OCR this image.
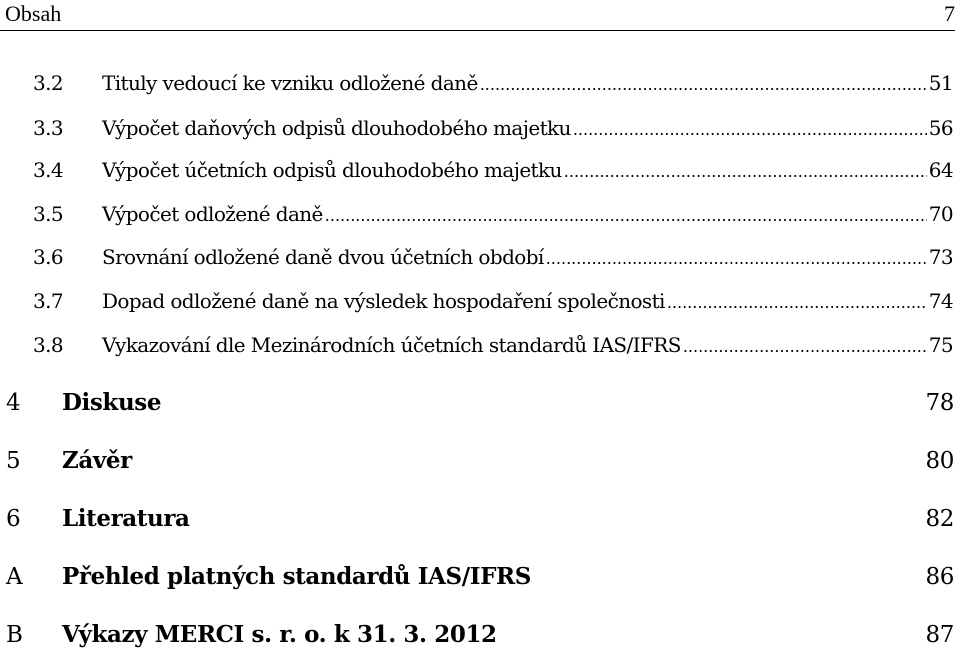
Obsah	7
3.2	Tituly vedoucí ke vzniku odložené daně .....	51
3.3	Výpočet daňových odpisů dlouhodobého majetku .....	56
3.4	Výpočet účetních odpisů dlouhodobého majetku .....	64
3.5	Výpočet odložené daně .....	70
3.6	Srovnání odložené daně dvou účetních období .....	73
3.7	Dopad odložené daně na výsledek hospodaření společnosti .....	74
3.8	Vykazování dle Mezinárodních účetních standardů IAS/IFRS .....	75
4	Diskuse	78
5	Závěr	80
6	Literatura	82
A	Přehled platných standardů IAS/IFRS	86
B	Výkazy MERCI s. r. o. k 31. 3. 2012	87
